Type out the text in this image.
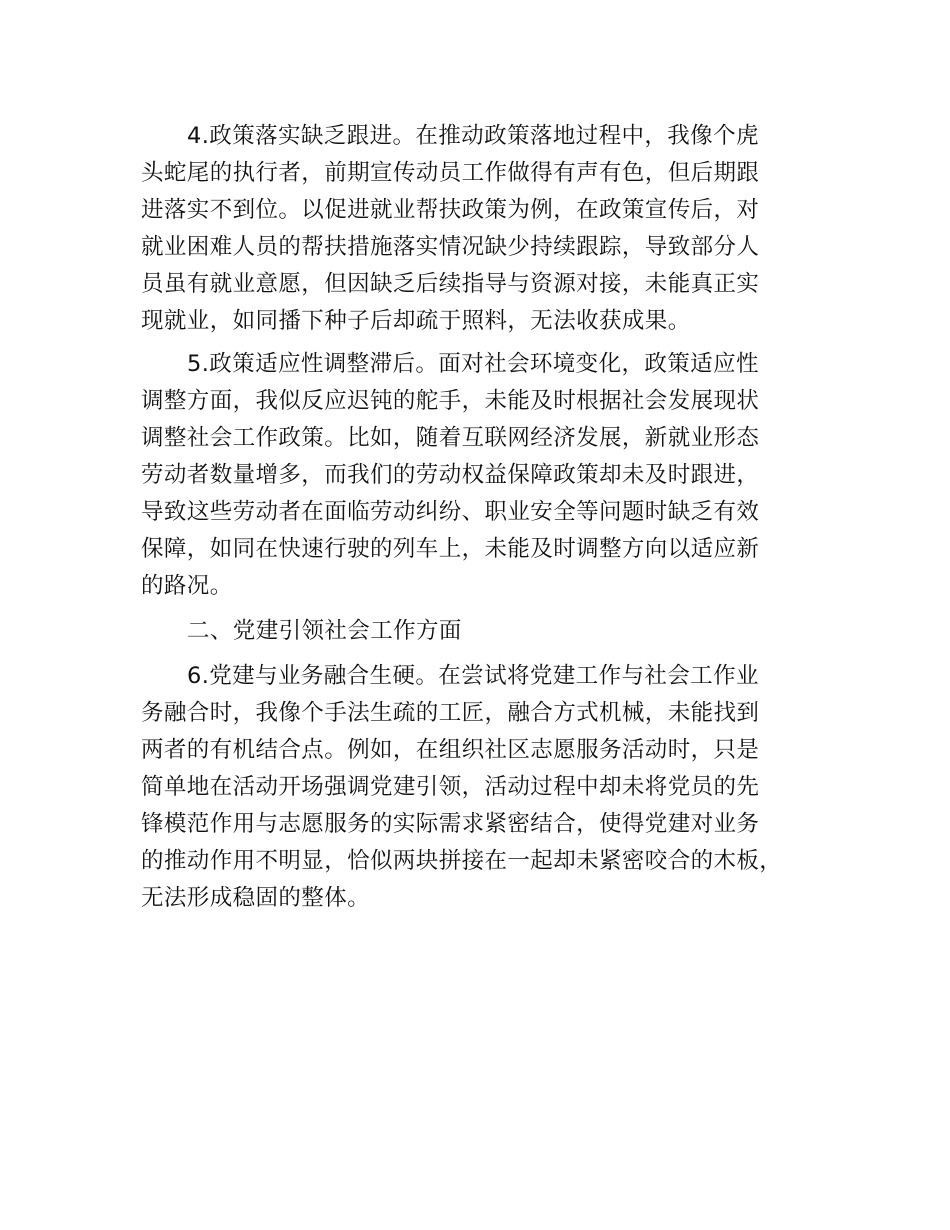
4.政策落实缺乏跟进。在推动政策落地过程中，我像个虎
头蛇尾的执行者，前期宣传动员工作做得有声有色，但后期跟
进落实不到位。以促进就业帮扶政策为例，在政策宣传后，对
就业困难人员的帮扶措施落实情况缺少持续跟踪，导致部分人
员虽有就业意愿，但因缺乏后续指导与资源对接，未能真正实
现就业，如同播下种子后却疏于照料，无法收获成果。
5.政策适应性调整滞后。面对社会环境变化，政策适应性
调整方面，我似反应迟钝的舵手，未能及时根据社会发展现状
调整社会工作政策。比如，随着互联网经济发展，新就业形态
劳动者数量增多，而我们的劳动权益保障政策却未及时跟进，
导致这些劳动者在面临劳动纠纷、职业安全等问题时缺乏有效
保障，如同在快速行驶的列车上，未能及时调整方向以适应新
的路况。
二、党建引领社会工作方面
6.党建与业务融合生硬。在尝试将党建工作与社会工作业
务融合时，我像个手法生疏的工匠，融合方式机械，未能找到
两者的有机结合点。例如，在组织社区志愿服务活动时，只是
简单地在活动开场强调党建引领，活动过程中却未将党员的先
锋模范作用与志愿服务的实际需求紧密结合，使得党建对业务
的推动作用不明显，恰似两块拼接在一起却未紧密咬合的木板，
无法形成稳固的整体。
